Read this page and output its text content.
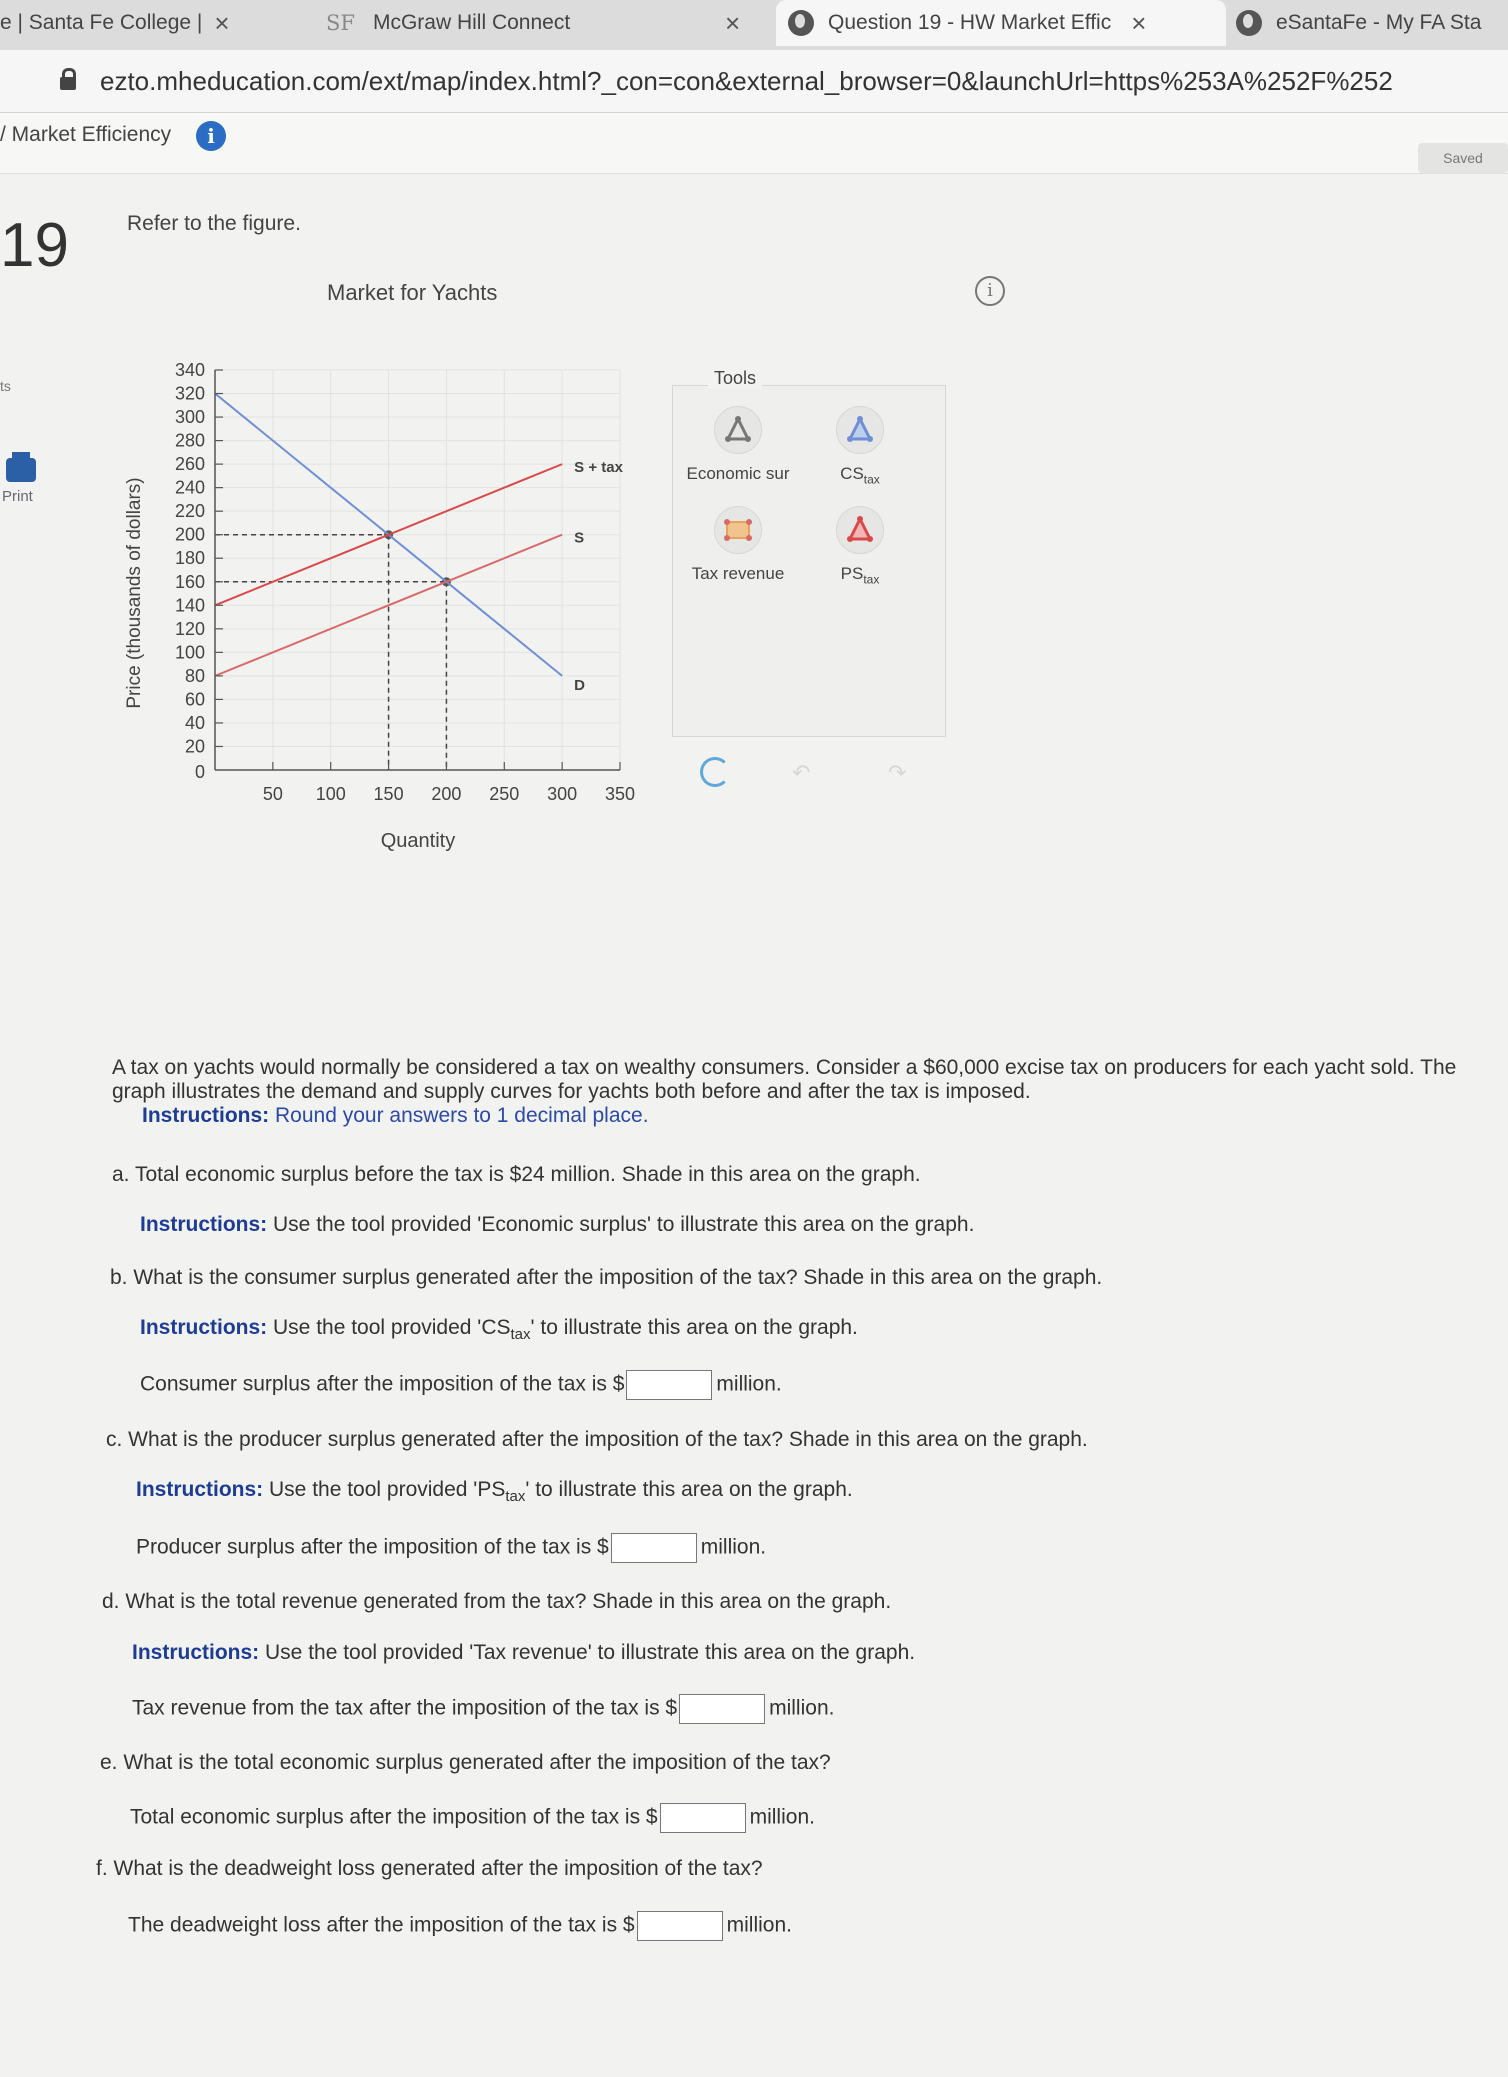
e | Santa Fe College | ×	SF McGraw Hill Connect	×	Question 19 - HW Market Effic ×	eSantaFe - My FA Sta
ezto.mheducation.com/ext/map/index.html?_con=con&external_browser=0&launchUrl=https%253A%252F%252
/ Market Efficiency	i
Saved
19
ts
Print
Refer to the figure.
Market for Yachts	i
20
40
60
80
100
120
140
160
180
200
220
240
260
280
300
320
340
0
50 100 150 200 250 300 350
Price (thousands of dollars)
Quantity
D
S
S + tax	Economic sur	$CS_{tax}$
Tax revenue	$PS_{tax}$
Tools
↶	↷
A tax on yachts would normally be considered a tax on wealthy consumers. Consider a $60,000 excise tax on producers for each yacht sold. The graph illustrates the demand and supply curves for yachts both before and after the tax is imposed.
Instructions: Round your answers to 1 decimal place.
a. Total economic surplus before the tax is $24 million. Shade in this area on the graph.
Instructions: Use the tool provided 'Economic surplus' to illustrate this area on the graph.
b. What is the consumer surplus generated after the imposition of the tax? Shade in this area on the graph.
Instructions: Use the tool provided '$CS_{tax}$' to illustrate this area on the graph.
Consumer surplus after the imposition of the tax is $	million.
c. What is the producer surplus generated after the imposition of the tax? Shade in this area on the graph.
Instructions: Use the tool provided '$PS_{tax}$' to illustrate this area on the graph.
Producer surplus after the imposition of the tax is $	million.
d. What is the total revenue generated from the tax? Shade in this area on the graph.
Instructions: Use the tool provided 'Tax revenue' to illustrate this area on the graph.
Tax revenue from the tax after the imposition of the tax is $	million.
e. What is the total economic surplus generated after the imposition of the tax?
Total economic surplus after the imposition of the tax is $	million.
f. What is the deadweight loss generated after the imposition of the tax?
The deadweight loss after the imposition of the tax is $	million.
